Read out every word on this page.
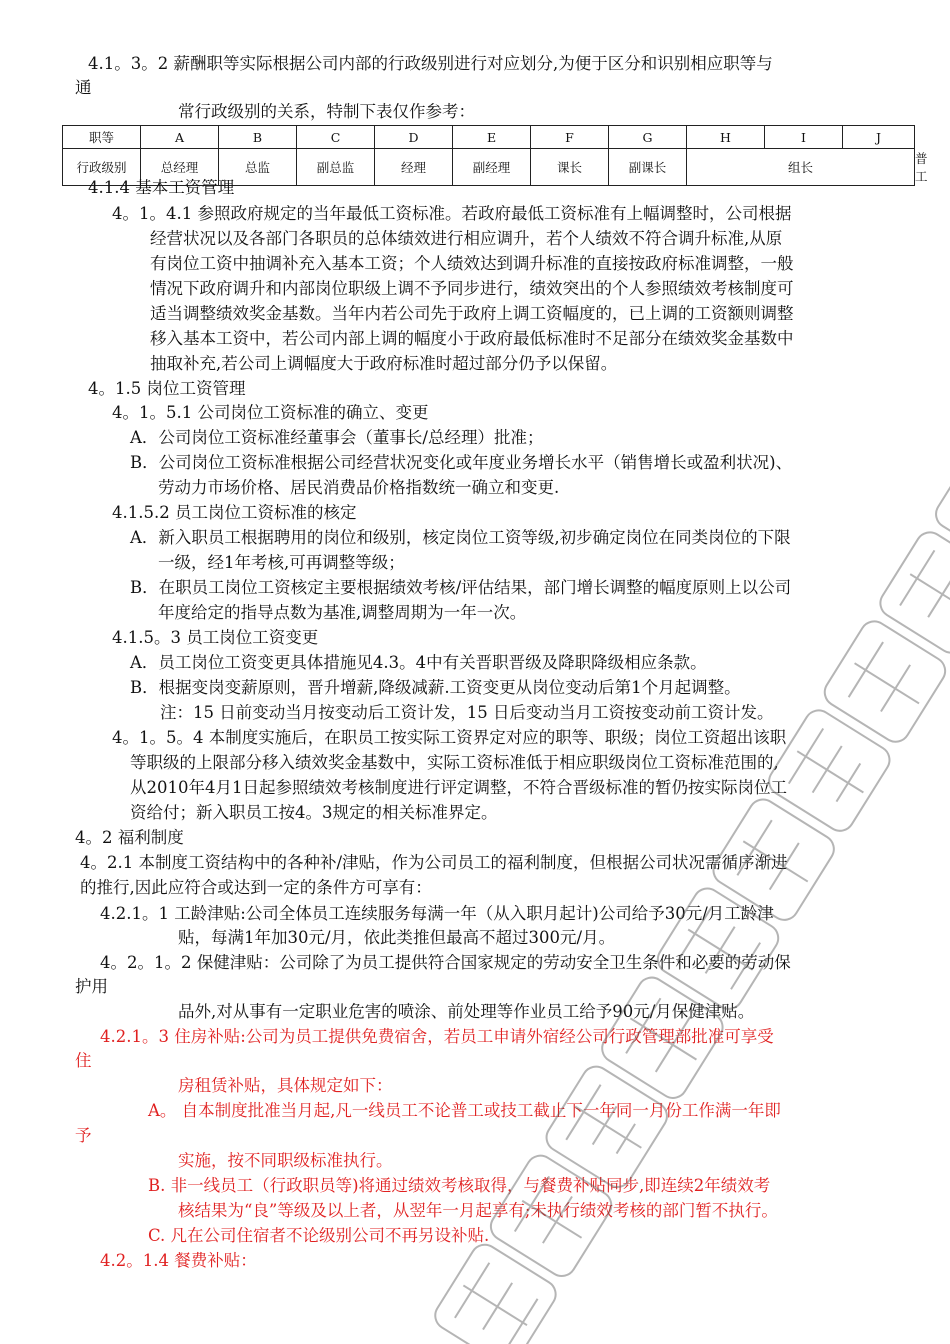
4.1。3。2 薪酬职等实际根据公司内部的行政级别进行对应划分,为便于区分和识别相应职等与
通
常行政级别的关系，特制下表仅作参考：
职等	A	B	C	D	E	F	G	H	I	J	
行政级别	总经理	总监	副总监	经理	副经理	课长	副课长	组长			普工
4.1.4 基本工资管理
4。1。4.1 参照政府规定的当年最低工资标准。若政府最低工资标准有上幅调整时，公司根据
经营状况以及各部门各职员的总体绩效进行相应调升，若个人绩效不符合调升标准,从原
有岗位工资中抽调补充入基本工资；个人绩效达到调升标准的直接按政府标准调整，一般
情况下政府调升和内部岗位职级上调不予同步进行，绩效突出的个人参照绩效考核制度可
适当调整绩效奖金基数。当年内若公司先于政府上调工资幅度的，已上调的工资额则调整
移入基本工资中，若公司内部上调的幅度小于政府最低标准时不足部分在绩效奖金基数中
抽取补充,若公司上调幅度大于政府标准时超过部分仍予以保留。
4。1.5 岗位工资管理
4。1。5.1 公司岗位工资标准的确立、变更
A．公司岗位工资标准经董事会（董事长/总经理）批准；
B．公司岗位工资标准根据公司经营状况变化或年度业务增长水平（销售增长或盈利状况)、
劳动力市场价格、居民消费品价格指数统一确立和变更.
4.1.5.2 员工岗位工资标准的核定
A．新入职员工根据聘用的岗位和级别，核定岗位工资等级,初步确定岗位在同类岗位的下限
一级，经1年考核,可再调整等级；
B．在职员工岗位工资核定主要根据绩效考核/评估结果，部门增长调整的幅度原则上以公司
年度给定的指导点数为基准,调整周期为一年一次。
4.1.5。3 员工岗位工资变更
A．员工岗位工资变更具体措施见4.3。4中有关晋职晋级及降职降级相应条款。
B．根据变岗变薪原则，晋升增薪,降级减薪.工资变更从岗位变动后第1个月起调整。
注：15 日前变动当月按变动后工资计发，15 日后变动当月工资按变动前工资计发。
4。1。5。4 本制度实施后，在职员工按实际工资界定对应的职等、职级；岗位工资超出该职
等职级的上限部分移入绩效奖金基数中，实际工资标准低于相应职级岗位工资标准范围的,
从2010年4月1日起参照绩效考核制度进行评定调整，不符合晋级标准的暂仍按实际岗位工
资给付；新入职员工按4。3规定的相关标准界定。
4。2 福利制度
4。2.1 本制度工资结构中的各种补/津贴，作为公司员工的福利制度，但根据公司状况需循序渐进
的推行,因此应符合或达到一定的条件方可享有：
4.2.1。1 工龄津贴:公司全体员工连续服务每满一年（从入职月起计)公司给予30元/月工龄津
贴，每满1年加30元/月，依此类推但最高不超过300元/月。
4。2。1。2 保健津贴：公司除了为员工提供符合国家规定的劳动安全卫生条件和必要的劳动保
护用
品外,对从事有一定职业危害的喷涂、前处理等作业员工给予90元/月保健津贴。
4.2.1。3 住房补贴:公司为员工提供免费宿舍，若员工申请外宿经公司行政管理部批准可享受
住
房租赁补贴，具体规定如下：
A。 自本制度批准当月起,凡一线员工不论普工或技工截止下一年同一月份工作满一年即
予
实施，按不同职级标准执行。
B. 非一线员工（行政职员等)将通过绩效考核取得，与餐费补贴同步,即连续2年绩效考
核结果为“良”等级及以上者，从翌年一月起享有;未执行绩效考核的部门暂不执行。
C. 凡在公司住宿者不论级别公司不再另设补贴.
4.2。1.4 餐费补贴：
